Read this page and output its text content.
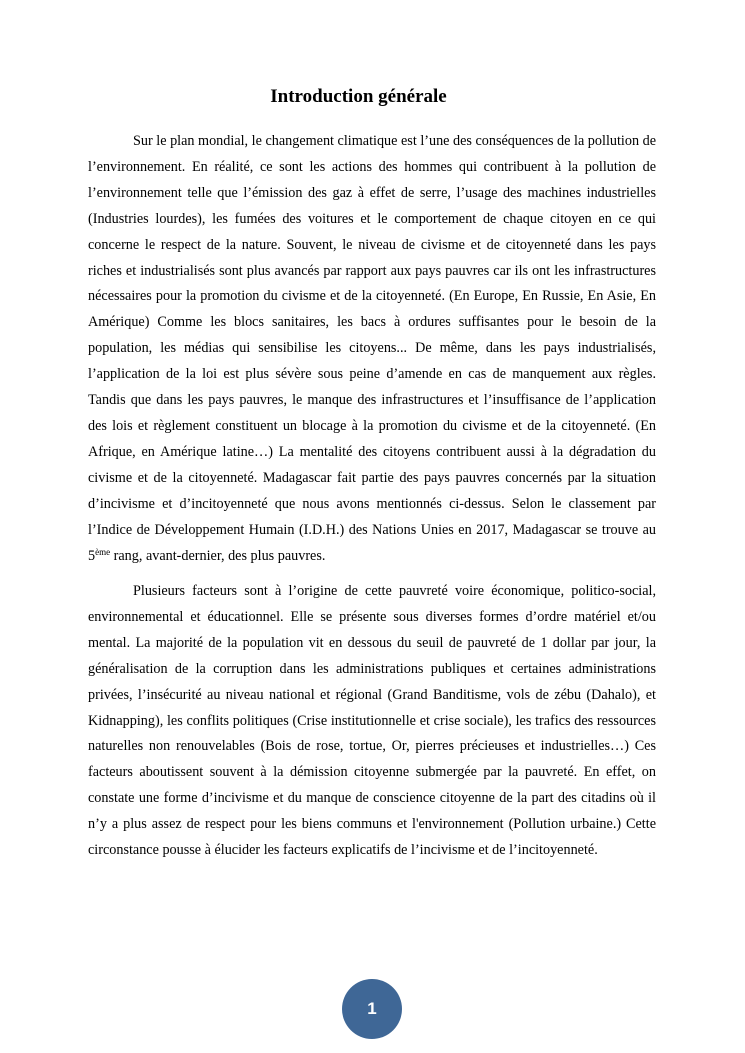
Introduction générale

Sur le plan mondial, le changement climatique est l’une des conséquences de la pollution de l’environnement. En réalité, ce sont les actions des hommes qui contribuent à la pollution de l’environnement telle que l’émission des gaz à effet de serre, l’usage des machines industrielles (Industries lourdes), les fumées des voitures et le comportement de chaque citoyen en ce qui concerne le respect de la nature. Souvent, le niveau de civisme et de citoyenneté dans les pays riches et industrialisés sont plus avancés par rapport aux pays pauvres car ils ont les infrastructures nécessaires pour la promotion du civisme et de la citoyenneté. (En Europe, En Russie, En Asie, En Amérique) Comme les blocs sanitaires, les bacs à ordures suffisantes pour le besoin de la population, les médias qui sensibilise les citoyens... De même, dans les pays industrialisés, l’application de la loi est plus sévère sous peine d’amende en cas de manquement aux règles. Tandis que dans les pays pauvres, le manque des infrastructures et l’insuffisance de l’application des lois et règlement constituent un blocage à la promotion du civisme et de la citoyenneté. (En Afrique, en Amérique latine…) La mentalité des citoyens contribuent aussi à la dégradation du civisme et de la citoyenneté. Madagascar fait partie des pays pauvres concernés par la situation d’incivisme et d’incitoyenneté que nous avons mentionnés ci-dessus. Selon le classement par l’Indice de Développement Humain (I.D.H.) des Nations Unies en 2017, Madagascar se trouve au 5ème rang, avant-dernier, des plus pauvres.

Plusieurs facteurs sont à l’origine de cette pauvreté voire économique, politico-social, environnemental et éducationnel. Elle se présente sous diverses formes d’ordre matériel et/ou mental. La majorité de la population vit en dessous du seuil de pauvreté de 1 dollar par jour, la généralisation de la corruption dans les administrations publiques et certaines administrations privées, l’insécurité au niveau national et régional (Grand Banditisme, vols de zébu (Dahalo), et Kidnapping), les conflits politiques (Crise institutionnelle et crise sociale), les trafics des ressources naturelles non renouvelables (Bois de rose, tortue, Or, pierres précieuses et industrielles…) Ces facteurs aboutissent souvent à la démission citoyenne submergée par la pauvreté. En effet, on constate une forme d’incivisme et du manque de conscience citoyenne de la part des citadins où il n’y a plus assez de respect pour les biens communs et l'environnement (Pollution urbaine.) Cette circonstance pousse à élucider les facteurs explicatifs de l’incivisme et de l’incitoyenneté.

1
